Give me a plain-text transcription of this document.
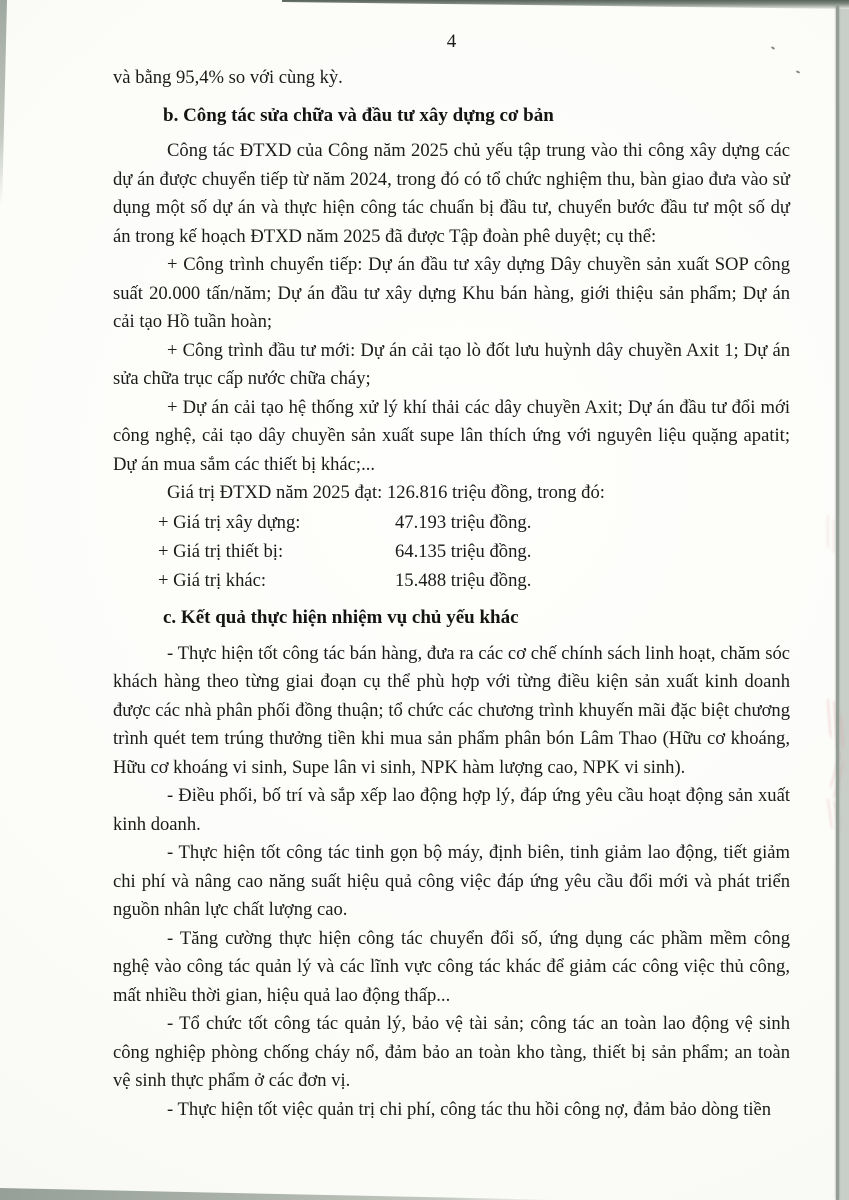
4

và bằng 95,4% so với cùng kỳ.

b. Công tác sửa chữa và đầu tư xây dựng cơ bản

Công tác ĐTXD của Công năm 2025 chủ yếu tập trung vào thi công xây dựng các dự án được chuyển tiếp từ năm 2024, trong đó có tổ chức nghiệm thu, bàn giao đưa vào sử dụng một số dự án và thực hiện công tác chuẩn bị đầu tư, chuyển bước đầu tư một số dự án trong kế hoạch ĐTXD năm 2025 đã được Tập đoàn phê duyệt; cụ thể:

+ Công trình chuyển tiếp: Dự án đầu tư xây dựng Dây chuyền sản xuất SOP công suất 20.000 tấn/năm; Dự án đầu tư xây dựng Khu bán hàng, giới thiệu sản phẩm; Dự án cải tạo Hồ tuần hoàn;

+ Công trình đầu tư mới: Dự án cải tạo lò đốt lưu huỳnh dây chuyền Axit 1; Dự án sửa chữa trục cấp nước chữa cháy;

+ Dự án cải tạo hệ thống xử lý khí thải các dây chuyền Axit; Dự án đầu tư đổi mới công nghệ, cải tạo dây chuyền sản xuất supe lân thích ứng với nguyên liệu quặng apatit; Dự án mua sắm các thiết bị khác;...

Giá trị ĐTXD năm 2025 đạt: 126.816 triệu đồng, trong đó:

+ Giá trị xây dựng:	47.193 triệu đồng.
+ Giá trị thiết bị:	64.135 triệu đồng.
+ Giá trị khác:	15.488 triệu đồng.

c. Kết quả thực hiện nhiệm vụ chủ yếu khác

- Thực hiện tốt công tác bán hàng, đưa ra các cơ chế chính sách linh hoạt, chăm sóc khách hàng theo từng giai đoạn cụ thể phù hợp với từng điều kiện sản xuất kinh doanh được các nhà phân phối đồng thuận; tổ chức các chương trình khuyến mãi đặc biệt chương trình quét tem trúng thưởng tiền khi mua sản phẩm phân bón Lâm Thao (Hữu cơ khoáng, Hữu cơ khoáng vi sinh, Supe lân vi sinh, NPK hàm lượng cao, NPK vi sinh).

- Điều phối, bố trí và sắp xếp lao động hợp lý, đáp ứng yêu cầu hoạt động sản xuất kinh doanh.

- Thực hiện tốt công tác tinh gọn bộ máy, định biên, tinh giảm lao động, tiết giảm chi phí và nâng cao năng suất hiệu quả công việc đáp ứng yêu cầu đổi mới và phát triển nguồn nhân lực chất lượng cao.

- Tăng cường thực hiện công tác chuyển đổi số, ứng dụng các phầm mềm công nghệ vào công tác quản lý và các lĩnh vực công tác khác để giảm các công việc thủ công, mất nhiều thời gian, hiệu quả lao động thấp...

- Tổ chức tốt công tác quản lý, bảo vệ tài sản; công tác an toàn lao động vệ sinh công nghiệp phòng chống cháy nổ, đảm bảo an toàn kho tàng, thiết bị sản phẩm; an toàn vệ sinh thực phẩm ở các đơn vị.

- Thực hiện tốt việc quản trị chi phí, công tác thu hồi công nợ, đảm bảo dòng tiền
